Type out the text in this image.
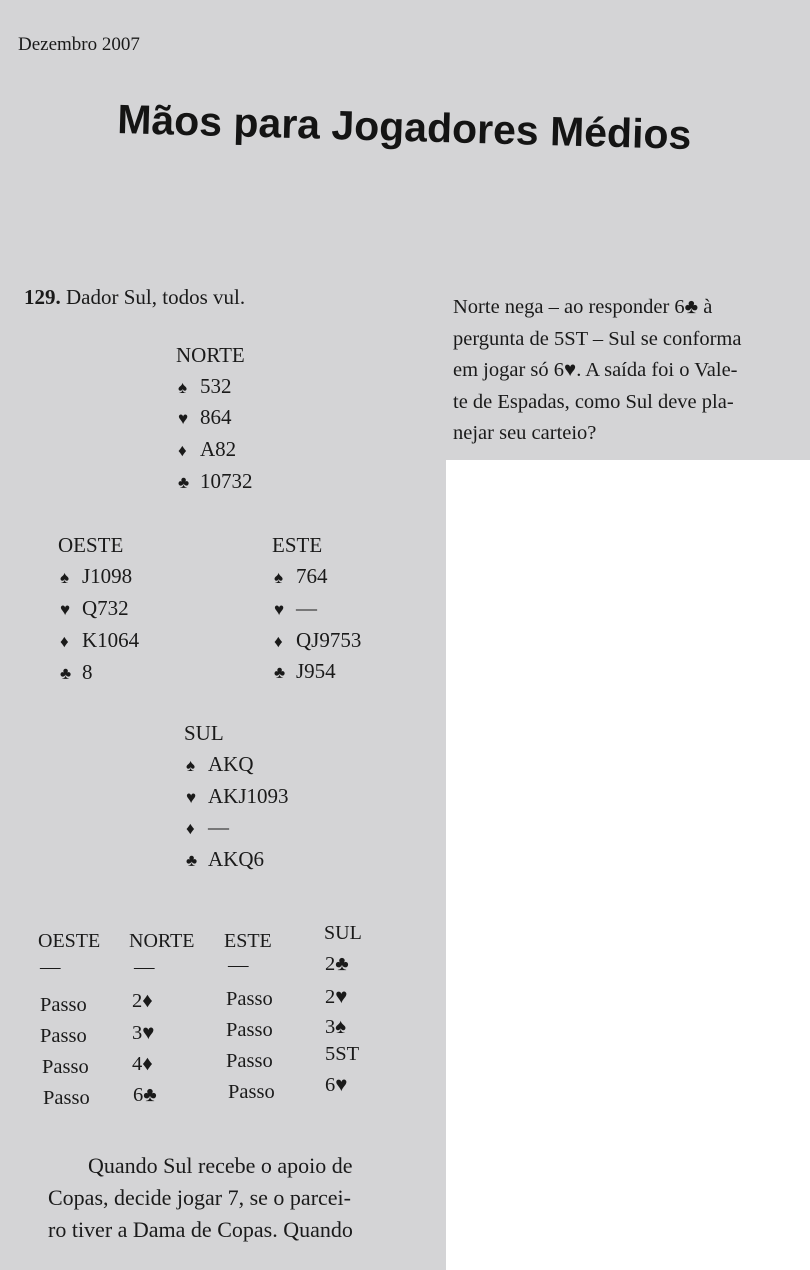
Dezembro 2007
Mãos para Jogadores Médios
129. Dador Sul, todos vul.	Norte nega – ao responder 6♣ à
pergunta de 5ST – Sul se conforma
em jogar só 6♥. A saída foi o Vale-
te de Espadas, como Sul deve pla-
nejar seu carteio?
NORTE
♠ 532
♥ 864
♦ A82
♣ 10732
OESTE
♠ J1098
♥ Q732
♦ K1064
♣ 8
ESTE
♠ 764
♥ —
♦ QJ9753
♣ J954
SUL
♠ AKQ
♥ AKJ1093
♦ —
♣ AKQ6
OESTE NORTE ESTE	SUL
—	—	—	2♣
Passo 2♦	Passo	2♥
Passo 3♥	Passo	3♠
Passo 4♦	Passo	5ST
Passo 6♣	Passo 6♥
Quando Sul recebe o apoio de
Copas, decide jogar 7, se o parcei-
ro tiver a Dama de Copas. Quando
